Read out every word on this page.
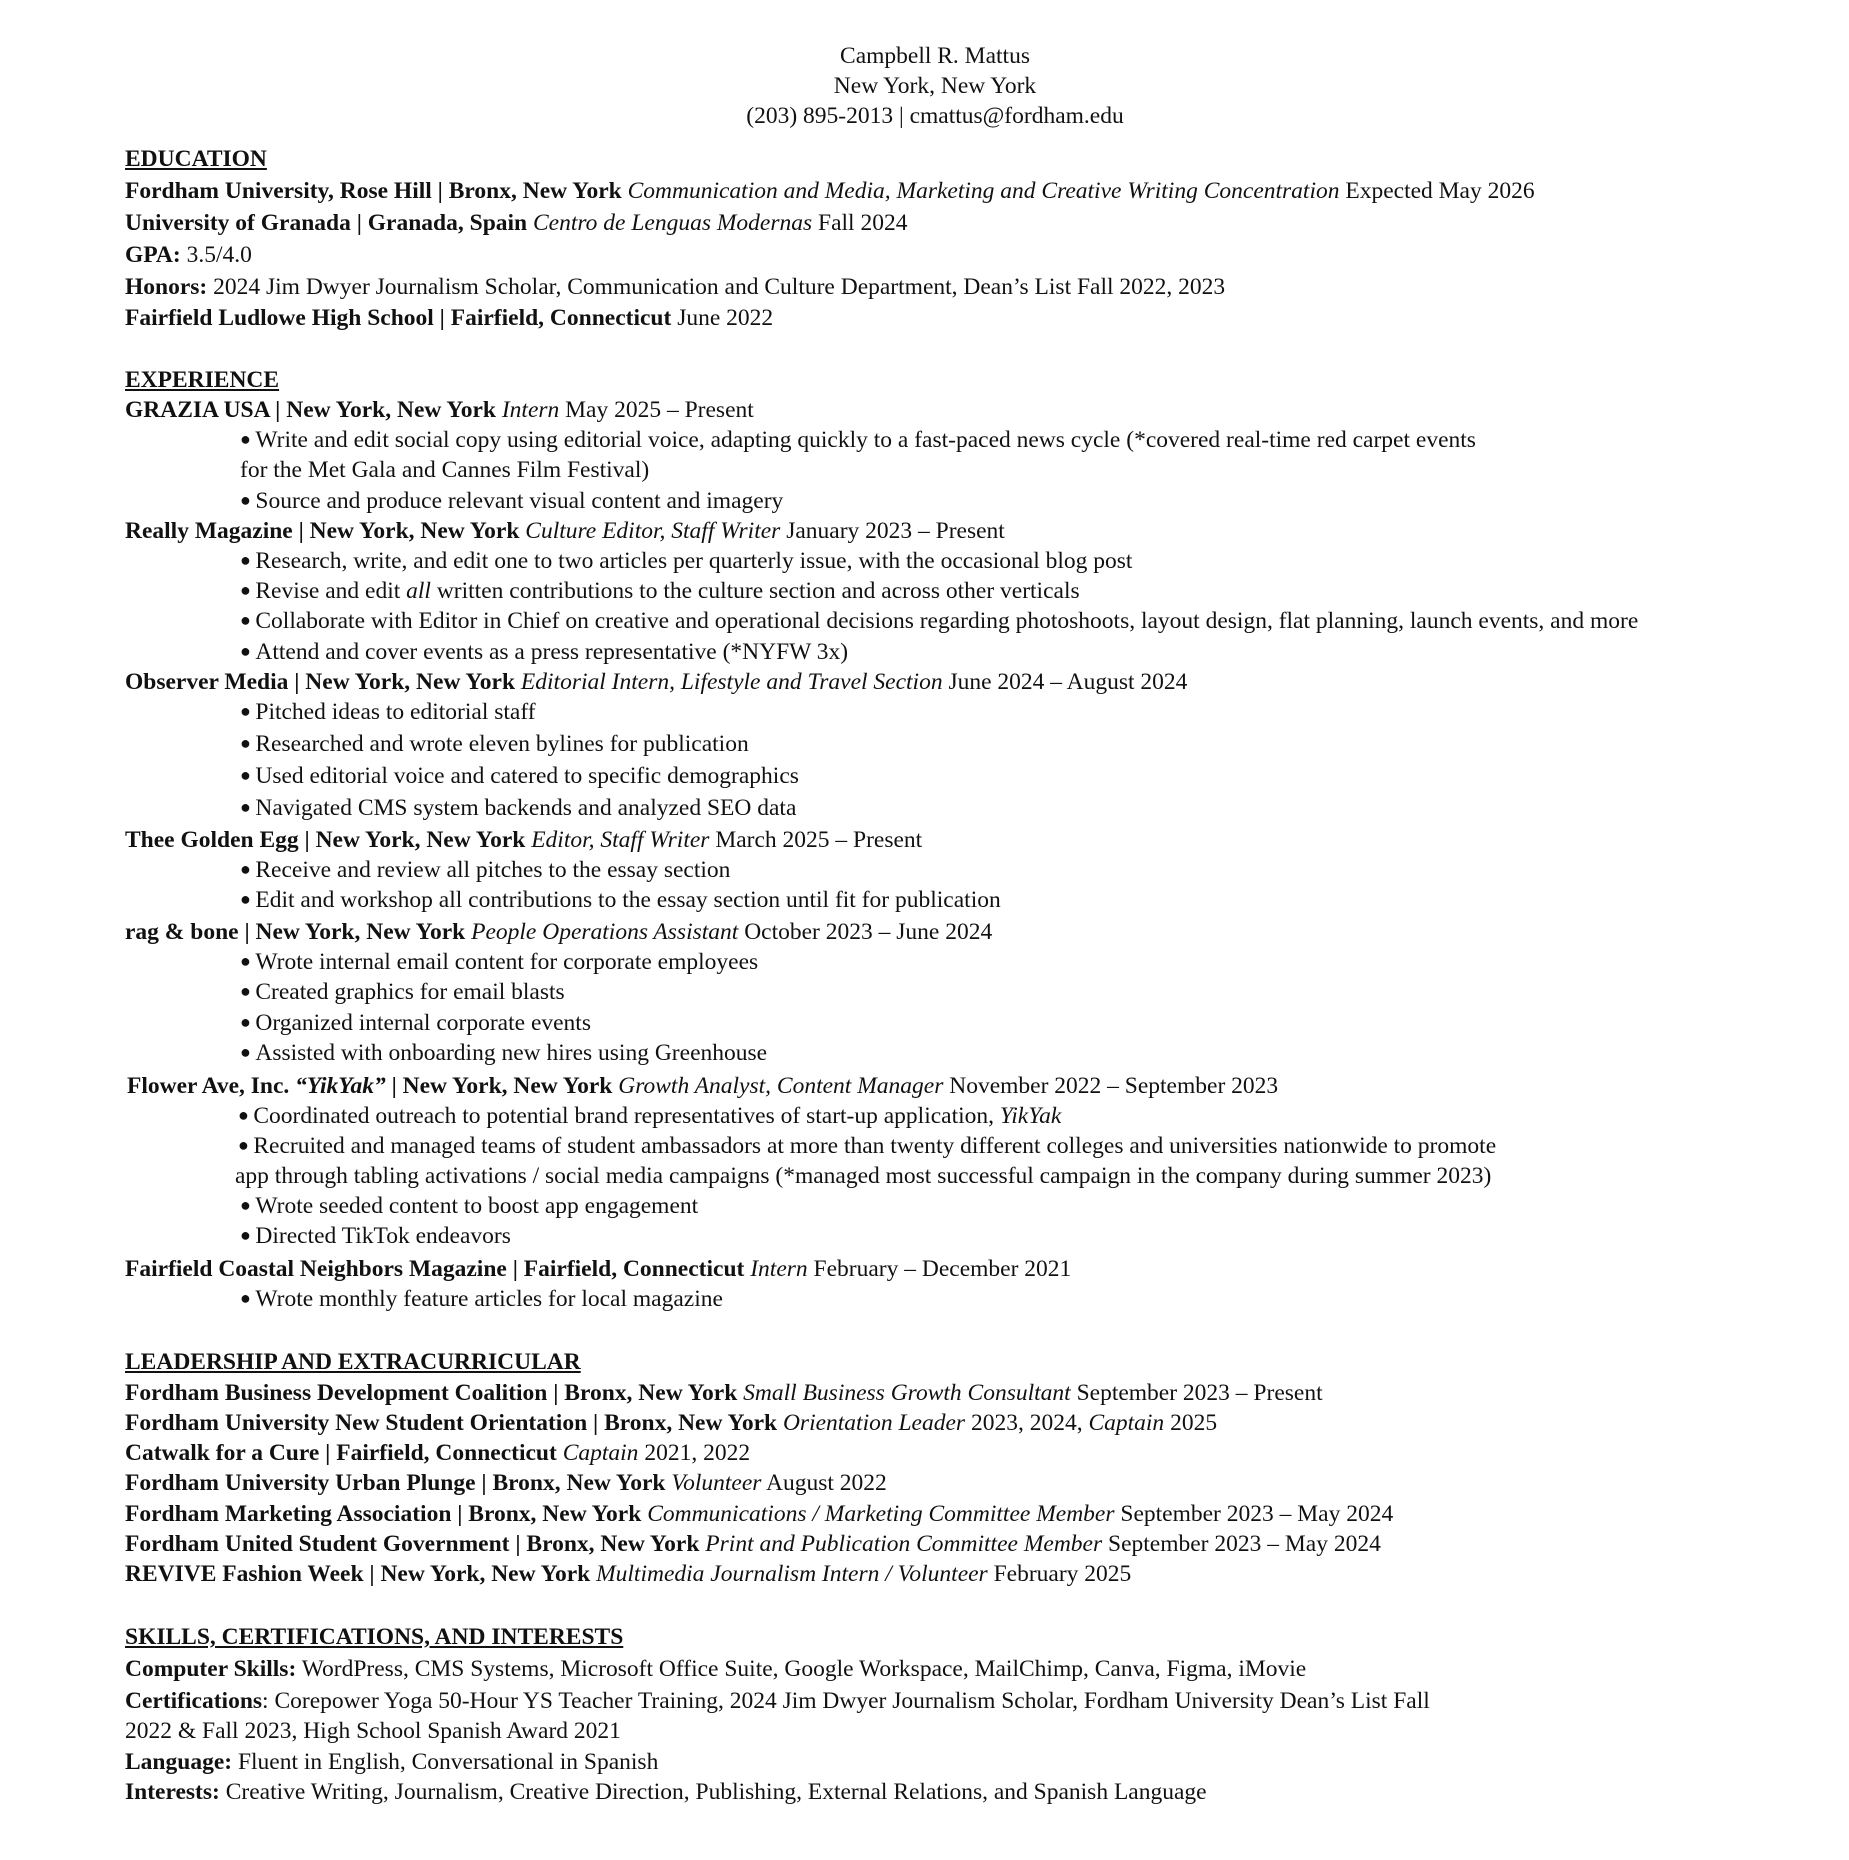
Campbell R. Mattus
New York, New York
(203) 895-2013 | cmattus@fordham.edu
EDUCATION
Fordham University, Rose Hill | Bronx, New York Communication and Media, Marketing and Creative Writing Concentration Expected May 2026
University of Granada | Granada, Spain Centro de Lenguas Modernas Fall 2024
GPA: 3.5/4.0
Honors: 2024 Jim Dwyer Journalism Scholar, Communication and Culture Department, Dean’s List Fall 2022, 2023
Fairfield Ludlowe High School | Fairfield, Connecticut June 2022
EXPERIENCE
GRAZIA USA | New York, New York Intern May 2025 – Present
● Write and edit social copy using editorial voice, adapting quickly to a fast-paced news cycle (*covered real-time red carpet events
for the Met Gala and Cannes Film Festival)
● Source and produce relevant visual content and imagery
Really Magazine | New York, New York Culture Editor, Staff Writer January 2023 – Present
● Research, write, and edit one to two articles per quarterly issue, with the occasional blog post
● Revise and edit all written contributions to the culture section and across other verticals
● Collaborate with Editor in Chief on creative and operational decisions regarding photoshoots, layout design, flat planning, launch events, and more
● Attend and cover events as a press representative (*NYFW 3x)
Observer Media | New York, New York Editorial Intern, Lifestyle and Travel Section June 2024 – August 2024
● Pitched ideas to editorial staff
● Researched and wrote eleven bylines for publication
● Used editorial voice and catered to specific demographics
● Navigated CMS system backends and analyzed SEO data
Thee Golden Egg | New York, New York Editor, Staff Writer March 2025 – Present
● Receive and review all pitches to the essay section
● Edit and workshop all contributions to the essay section until fit for publication
rag & bone | New York, New York People Operations Assistant October 2023 – June 2024
● Wrote internal email content for corporate employees
● Created graphics for email blasts
● Organized internal corporate events
● Assisted with onboarding new hires using Greenhouse
Flower Ave, Inc. “YikYak” | New York, New York Growth Analyst, Content Manager November 2022 – September 2023
● Coordinated outreach to potential brand representatives of start-up application, YikYak
● Recruited and managed teams of student ambassadors at more than twenty different colleges and universities nationwide to promote
app through tabling activations / social media campaigns (*managed most successful campaign in the company during summer 2023)
● Wrote seeded content to boost app engagement
● Directed TikTok endeavors
Fairfield Coastal Neighbors Magazine | Fairfield, Connecticut Intern February – December 2021
● Wrote monthly feature articles for local magazine
LEADERSHIP AND EXTRACURRICULAR
Fordham Business Development Coalition | Bronx, New York Small Business Growth Consultant September 2023 – Present
Fordham University New Student Orientation | Bronx, New York Orientation Leader 2023, 2024, Captain 2025
Catwalk for a Cure | Fairfield, Connecticut Captain 2021, 2022
Fordham University Urban Plunge | Bronx, New York Volunteer August 2022
Fordham Marketing Association | Bronx, New York Communications / Marketing Committee Member September 2023 – May 2024
Fordham United Student Government | Bronx, New York Print and Publication Committee Member September 2023 – May 2024
REVIVE Fashion Week | New York, New York Multimedia Journalism Intern / Volunteer February 2025
SKILLS, CERTIFICATIONS, AND INTERESTS
Computer Skills: WordPress, CMS Systems, Microsoft Office Suite, Google Workspace, MailChimp, Canva, Figma, iMovie
Certifications: Corepower Yoga 50-Hour YS Teacher Training, 2024 Jim Dwyer Journalism Scholar, Fordham University Dean’s List Fall
2022 & Fall 2023, High School Spanish Award 2021
Language: Fluent in English, Conversational in Spanish
Interests: Creative Writing, Journalism, Creative Direction, Publishing, External Relations, and Spanish Language
